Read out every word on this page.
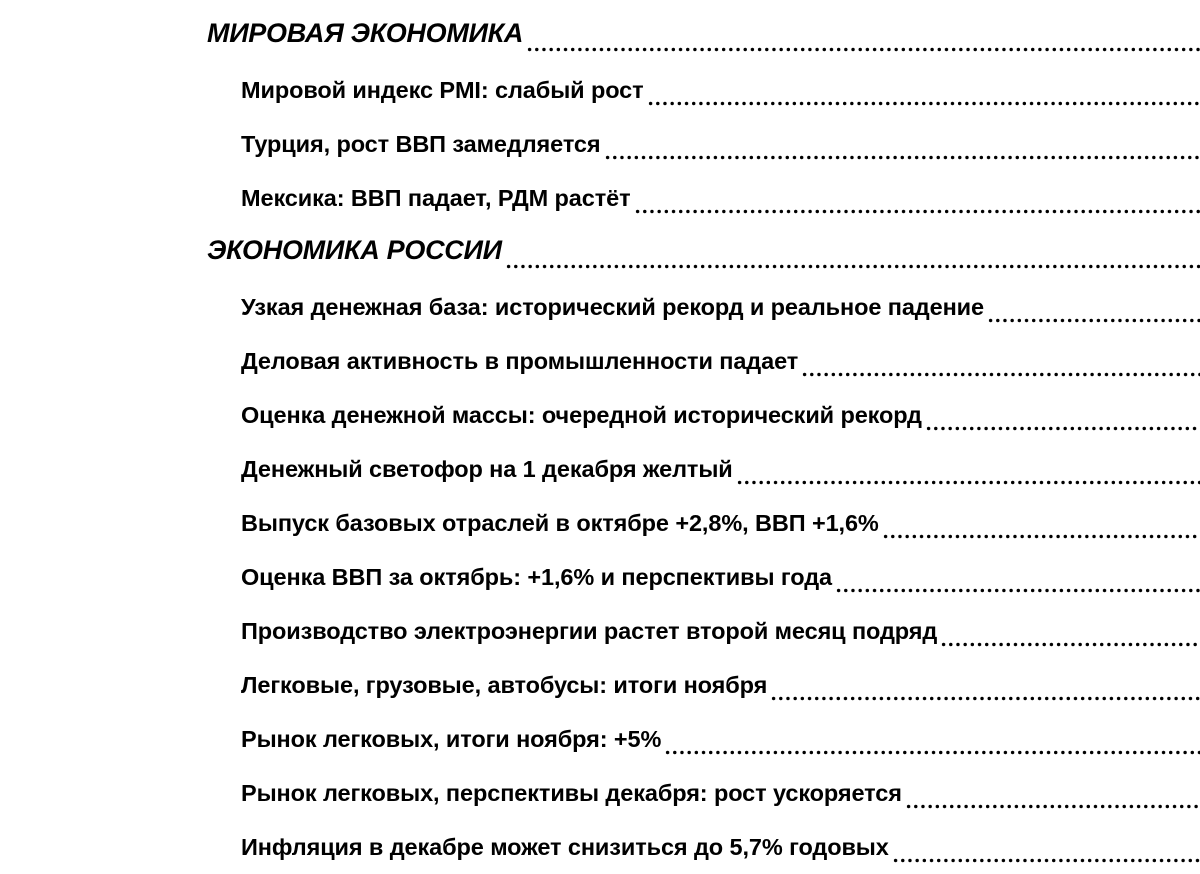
МИРОВАЯ ЭКОНОМИКА
Мировой индекс PMI: слабый рост
Турция, рост ВВП замедляется
Мексика: ВВП падает, РДМ растёт
ЭКОНОМИКА РОССИИ
Узкая денежная база: исторический рекорд и реальное падение
Деловая активность в промышленности падает
Оценка денежной массы: очередной исторический рекорд
Денежный светофор на 1 декабря желтый
Выпуск базовых отраслей в октябре +2,8%, ВВП +1,6%
Оценка ВВП за октябрь: +1,6% и перспективы года
Производство электроэнергии растет второй месяц подряд
Легковые, грузовые, автобусы: итоги ноября
Рынок легковых, итоги ноября: +5%
Рынок легковых, перспективы декабря: рост ускоряется
Инфляция в декабре может снизиться до 5,7% годовых
